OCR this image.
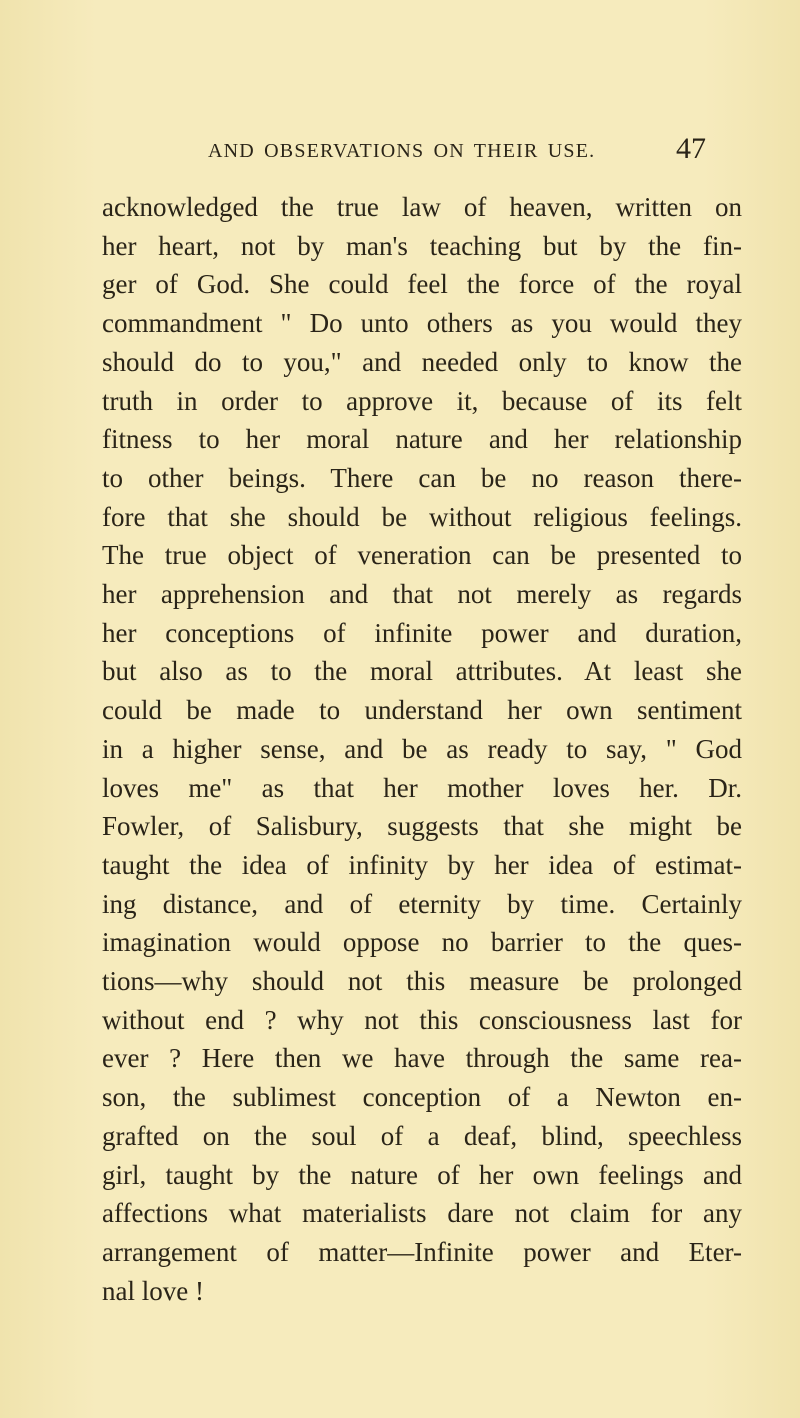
AND OBSERVATIONS ON THEIR USE.	47
acknowledged the true law of heaven, written on
her heart, not by man's teaching but by the fin-
ger of God. She could feel the force of the royal
commandment " Do unto others as you would they
should do to you," and needed only to know the
truth in order to approve it, because of its felt
fitness to her moral nature and her relationship
to other beings. There can be no reason there-
fore that she should be without religious feelings.
The true object of veneration can be presented to
her apprehension and that not merely as regards
her conceptions of infinite power and duration,
but also as to the moral attributes. At least she
could be made to understand her own sentiment
in a higher sense, and be as ready to say, " God
loves me" as that her mother loves her. Dr.
Fowler, of Salisbury, suggests that she might be
taught the idea of infinity by her idea of estimat-
ing distance, and of eternity by time. Certainly
imagination would oppose no barrier to the ques-
tions—why should not this measure be prolonged
without end ? why not this consciousness last for
ever ? Here then we have through the same rea-
son, the sublimest conception of a Newton en-
grafted on the soul of a deaf, blind, speechless
girl, taught by the nature of her own feelings and
affections what materialists dare not claim for any
arrangement of matter—Infinite power and Eter-
nal love !
